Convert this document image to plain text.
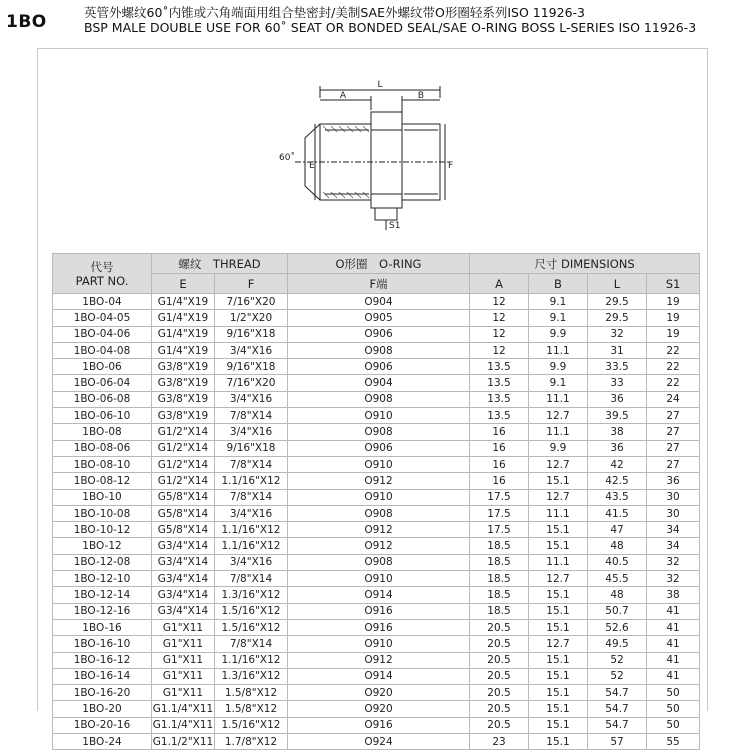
1BO	英管外螺纹60˚内锥或六角端面用组合垫密封/美制SAE外螺纹带O形圈轻系列ISO 11926-3
BSP MALE DOUBLE USE FOR 60˚ SEAT OR BONDED SEAL/SAE O-RING BOSS L-SERIES ISO 11926-3
A
L
B
E	F
S1
60˚
代号
PART NO.	螺纹　THREAD		O形圈　O-RING	尺寸 DIMENSIONS			
	E	F	F端	A	B	L	S1
1BO-04	G1/4"X19	7/16"X20	O904	12	9.1	29.5	19
1BO-04-05	G1/4"X19	1/2"X20	O905	12	9.1	29.5	19
1BO-04-06	G1/4"X19	9/16"X18	O906	12	9.9	32	19
1BO-04-08	G1/4"X19	3/4"X16	O908	12	11.1	31	22
1BO-06	G3/8"X19	9/16"X18	O906	13.5	9.9	33.5	22
1BO-06-04	G3/8"X19	7/16"X20	O904	13.5	9.1	33	22
1BO-06-08	G3/8"X19	3/4"X16	O908	13.5	11.1	36	24
1BO-06-10	G3/8"X19	7/8"X14	O910	13.5	12.7	39.5	27
1BO-08	G1/2"X14	3/4"X16	O908	16	11.1	38	27
1BO-08-06	G1/2"X14	9/16"X18	O906	16	9.9	36	27
1BO-08-10	G1/2"X14	7/8"X14	O910	16	12.7	42	27
1BO-08-12	G1/2"X14	1.1/16"X12	O912	16	15.1	42.5	36
1BO-10	G5/8"X14	7/8"X14	O910	17.5	12.7	43.5	30
1BO-10-08	G5/8"X14	3/4"X16	O908	17.5	11.1	41.5	30
1BO-10-12	G5/8"X14	1.1/16"X12	O912	17.5	15.1	47	34
1BO-12	G3/4"X14	1.1/16"X12	O912	18.5	15.1	48	34
1BO-12-08	G3/4"X14	3/4"X16	O908	18.5	11.1	40.5	32
1BO-12-10	G3/4"X14	7/8"X14	O910	18.5	12.7	45.5	32
1BO-12-14	G3/4"X14	1.3/16"X12	O914	18.5	15.1	48	38
1BO-12-16	G3/4"X14	1.5/16"X12	O916	18.5	15.1	50.7	41
1BO-16	G1"X11	1.5/16"X12	O916	20.5	15.1	52.6	41
1BO-16-10	G1"X11	7/8"X14	O910	20.5	12.7	49.5	41
1BO-16-12	G1"X11	1.1/16"X12	O912	20.5	15.1	52	41
1BO-16-14	G1"X11	1.3/16"X12	O914	20.5	15.1	52	41
1BO-16-20	G1"X11	1.5/8"X12	O920	20.5	15.1	54.7	50
1BO-20	G1.1/4"X11	1.5/8"X12	O920	20.5	15.1	54.7	50
1BO-20-16	G1.1/4"X11	1.5/16"X12	O916	20.5	15.1	54.7	50
1BO-24	G1.1/2"X11	1.7/8"X12	O924	23	15.1	57	55
